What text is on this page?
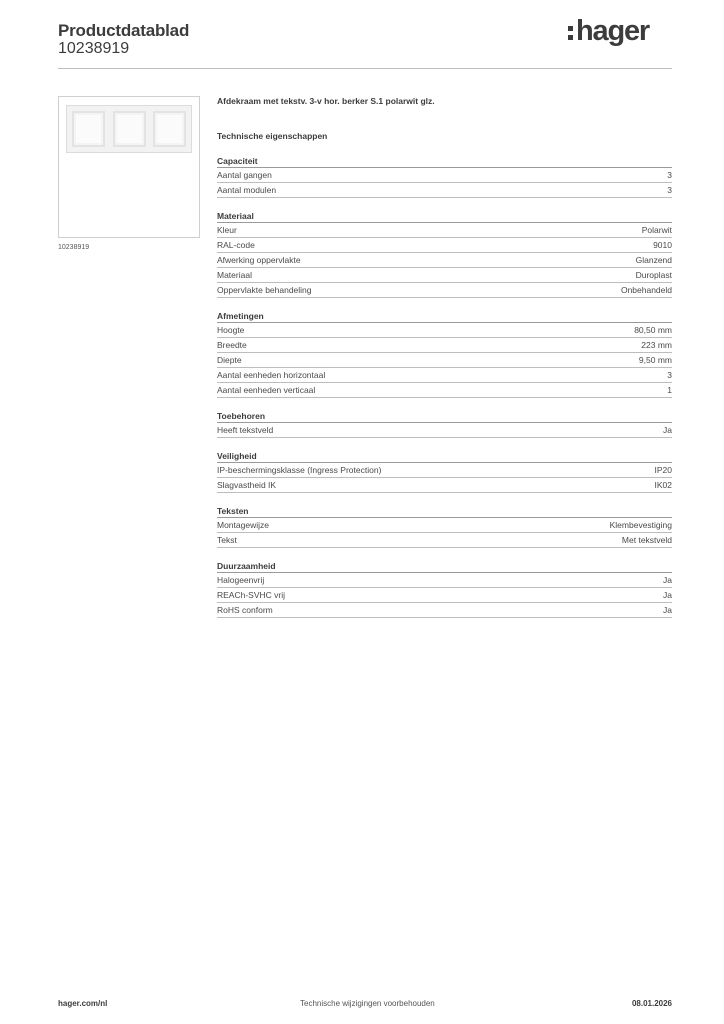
Productdatablad
10238919
hager
10238919
Afdekraam met tekstv. 3-v hor. berker S.1 polarwit glz.
Technische eigenschappen
Capaciteit
Aantal gangen	3
Aantal modulen	3
Materiaal
Kleur	Polarwit
RAL-code	9010
Afwerking oppervlakte	Glanzend
Materiaal	Duroplast
Oppervlakte behandeling	Onbehandeld
Afmetingen
Hoogte	80,50 mm
Breedte	223 mm
Diepte	9,50 mm
Aantal eenheden horizontaal	3
Aantal eenheden verticaal	1
Toebehoren
Heeft tekstveld	Ja
Veiligheid
IP-beschermingsklasse (Ingress Protection)	IP20
Slagvastheid IK	IK02
Teksten
Montagewijze	Klembevestiging
Tekst	Met tekstveld
Duurzaamheid
Halogeenvrij	Ja
REACh-SVHC vrij	Ja
RoHS conform	Ja
hager.com/nl	Technische wijzigingen voorbehouden	08.01.2026
